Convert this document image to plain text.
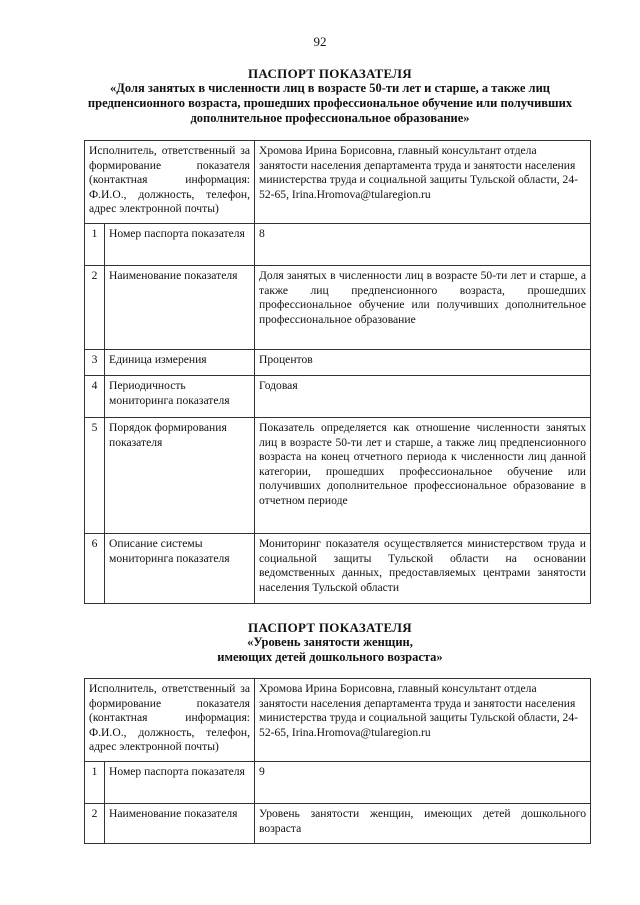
92
ПАСПОРТ ПОКАЗАТЕЛЯ
«Доля занятых в численности лиц в возрасте 50-ти лет и старше, а также лиц предпенсионного возраста, прошедших профессиональное обучение или получивших дополнительное профессиональное образование»
Исполнитель, ответственный за формирование показателя (контактная информация: Ф.И.О., должность, телефон, адрес электронной почты)		Хромова Ирина Борисовна, главный консультант отдела занятости населения департамента труда и занятости населения министерства труда и социальной защиты Тульской области, 24-52-65, Irina.Hromova@tularegion.ru
1	Номер паспорта показателя	8
2	Наименование показателя	Доля занятых в численности лиц в возрасте 50-ти лет и старше, а также лиц предпенсионного возраста, прошедших профессиональное обучение или получивших дополнительное профессиональное образование
3	Единица измерения	Процентов
4	Периодичность мониторинга показателя	Годовая
5	Порядок формирования показателя	Показатель определяется как отношение численности занятых лиц в возрасте 50-ти лет и старше, а также лиц предпенсионного возраста на конец отчетного периода к численности лиц данной категории, прошедших профессиональное обучение или получивших дополнительное профессиональное образование в отчетном периоде
6	Описание системы мониторинга показателя	Мониторинг показателя осуществляется министерством труда и социальной защиты Тульской области на основании ведомственных данных, предоставляемых центрами занятости населения Тульской области
ПАСПОРТ ПОКАЗАТЕЛЯ
«Уровень занятости женщин,
имеющих детей дошкольного возраста»
Исполнитель, ответственный за формирование показателя (контактная информация: Ф.И.О., должность, телефон, адрес электронной почты)		Хромова Ирина Борисовна, главный консультант отдела занятости населения департамента труда и занятости населения министерства труда и социальной защиты Тульской области, 24-52-65, Irina.Hromova@tularegion.ru
1	Номер паспорта показателя	9
2	Наименование показателя	Уровень занятости женщин, имеющих детей дошкольного возраста
